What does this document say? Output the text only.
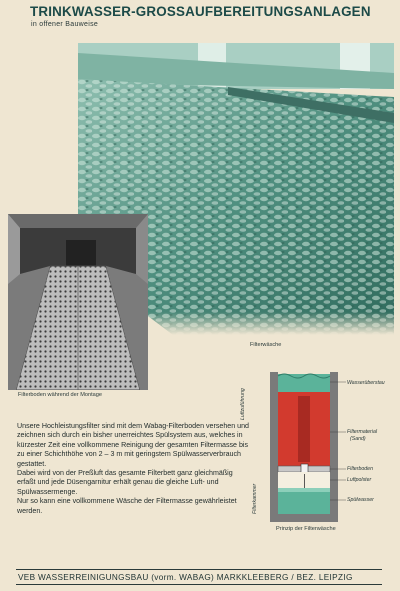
TRINKWASSER-GROSSAUFBEREITUNGSANLAGEN
in offener Bauweise
Filterboden während der Montage
Filterwäsche

Unsere Hochleistungsfilter sind mit dem Wabag-Filterboden versehen und zeichnen sich durch ein bisher unerreichtes Spülsystem aus, welches in kürzester Zeit eine vollkommene Reinigung der gesamten Filtermasse bis zu einer Schichthöhe von 2 – 3 m mit geringstem Spülwasserverbrauch gestattet.

Dabei wird von der Preßluft das gesamte Filterbett ganz gleichmäßig erfaßt und jede Düsengarnitur erhält genau die gleiche Luft- und Spülwassermenge.

Nur so kann eine vollkommene Wäsche der Filtermasse gewährleistet werden.

Wasserüberstau
Filtermaterial
(Sand)
Filterboden
Luftpolster
Spülwasser
Luftzuführung
Filterkammer
Prinzip der Filterwäsche
VEB WASSERREINIGUNGSBAU (vorm. WABAG) MARKKLEEBERG / BEZ. LEIPZIG
